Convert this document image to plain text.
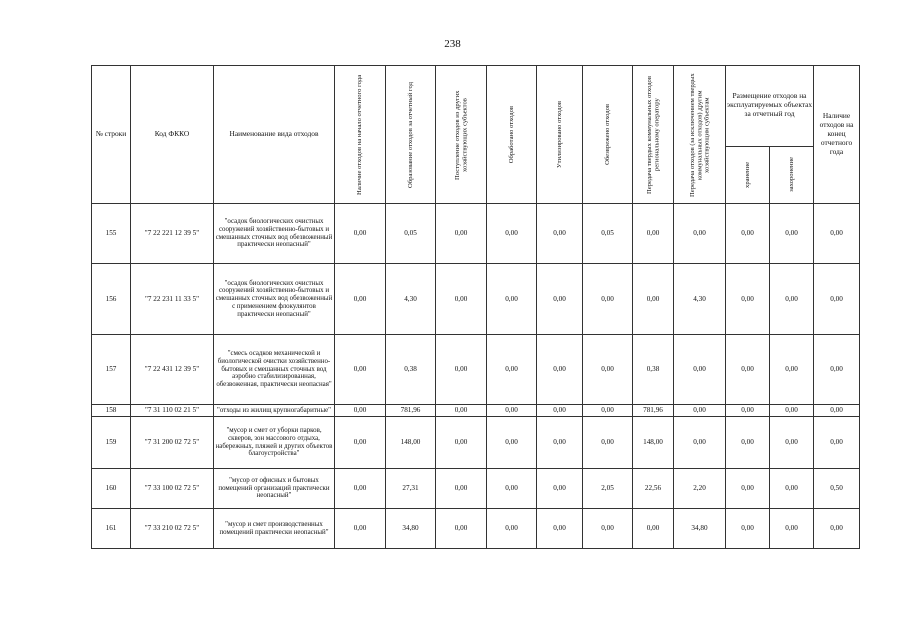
238
№ строки	Код ФККО	Наименование вида отходов	Наличие отходов на начало отчетного года	Образование отходов за отчетный год	Поступление отходов из других хозяйствующих субъектов	Обработано отходов	Утилизировано отходов	Обезврежено отходов	Передача твердых коммунальных отходов региональному оператору	Передача отходов (за исключением твердых коммунальных отходов) другим хозяйствующим субъектам	Размещение отходов на эксплуатируемых объектах за отчетный год		Наличие отходов на конец отчетного года

											хранение	захоронение	

155	"7 22 221 12 39 5"	"осадок биологических очистных сооружений хозяйственно-бытовых и смешанных сточных вод обезвоженный практически неопасный"	0,00	0,05	0,00	0,00	0,00	0,05	0,00	0,00	0,00	0,00	0,00
156	"7 22 231 11 33 5"	"осадок биологических очистных сооружений хозяйственно-бытовых и смешанных сточных вод обезвоженный с применением флокулянтов практически неопасный"	0,00	4,30	0,00	0,00	0,00	0,00	0,00	4,30	0,00	0,00	0,00
157	"7 22 431 12 39 5"	"смесь осадков механической и биологической очистки хозяйственно-бытовых и смешанных сточных вод аэробно стабилизированная, обезвоженная, практически неопасная"	0,00	0,38	0,00	0,00	0,00	0,00	0,38	0,00	0,00	0,00	0,00
158	"7 31 110 02 21 5"	"отходы из жилищ крупногабаритные"	0,00	781,96	0,00	0,00	0,00	0,00	781,96	0,00	0,00	0,00	0,00
159	"7 31 200 02 72 5"	"мусор и смет от уборки парков, скверов, зон массового отдыха, набережных, пляжей и других объектов благоустройства"	0,00	148,00	0,00	0,00	0,00	0,00	148,00	0,00	0,00	0,00	0,00
160	"7 33 100 02 72 5"	"мусор от офисных и бытовых помещений организаций практически неопасный"	0,00	27,31	0,00	0,00	0,00	2,05	22,56	2,20	0,00	0,00	0,50
161	"7 33 210 02 72 5"	"мусор и смет производственных помещений практически неопасный"	0,00	34,80	0,00	0,00	0,00	0,00	0,00	34,80	0,00	0,00	0,00
